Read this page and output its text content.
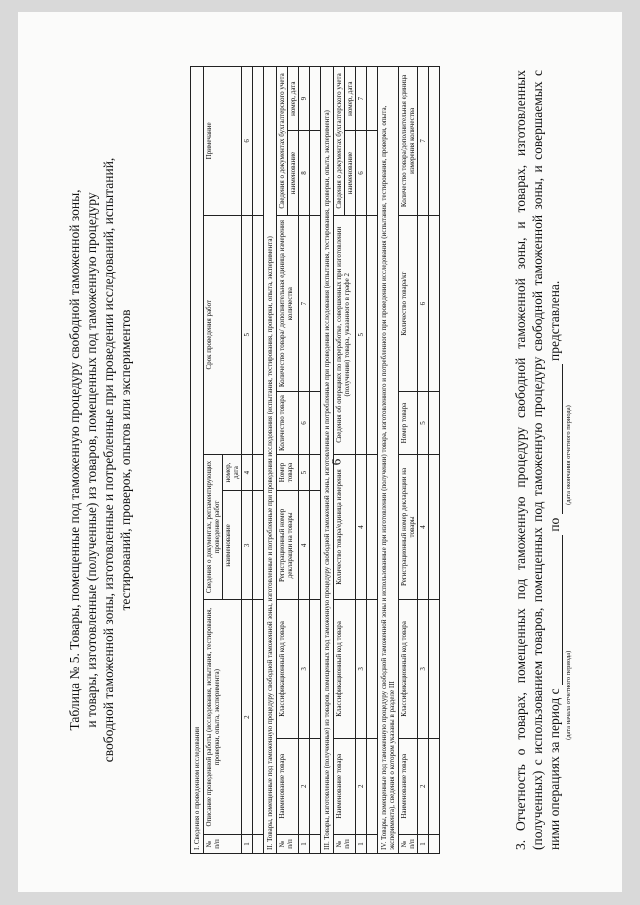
Таблица № 5. Товары, помещенные под таможенную процедуру свободной таможенной зоны, и товары, изготовленные (полученные) из товаров, помещенных под таможенную процедуру свободной таможенной зоны, изготовленные и потребленные при проведении исследований, испытаний, тестирований, проверок, опытов или экспериментов
I. Сведения о проведенном исследовании								
№ п/п	Описание проведенной работы (исследования, испытания, тестирования, проверки, опыта, эксперимента)		Сведения о документах, регламентирующих проведение работ		Срок проведения работ		Примечание	
			наименование	номер, дата				
1	2		3	4	5		6	

II. Товары, помещенные под таможенную процедуру свободной таможенной зоны, изготовленные и потребленные при проведении исследования (испытания, тестирования, проверки, опыта, эксперимента)								
№ п/п	Наименование товара	Классификационный код товара	Регистрационный номер декларации на товары	Номер товара	Количество товара	Количество товара/ дополнительная единица измерения количества	Сведения о документах бухгалтерского учета	
							наименование	номер, дата
1	2	3	4	5	6	7	8	9

III. Товары, изготовленные (полученные) из товаров, помещенных под таможенную процедуру свободной таможенной зоны, изготовленные и потребленные при проведении исследования (испытания, тестирования, проверки, опыта, эксперимента)								
№ п/п	Наименование товара	Классификационный код товара	Количество товара/единица измерения		Сведения об операциях по переработке, совершенных при изготовлении (получении) товара, указанного в графе 2		Сведения о документах бухгалтерского учета	
							наименование	номер, дата
1	2	3	4		5		6	7

IV. Товары, помещенные под таможенную процедуру свободной таможенной зоны и использованные при изготовлении (получении) товара, изготовленного и потребленного при проведении исследования (испытания, тестирования, проверки, опыта, эксперимента), сведения о котором указаны в разделе III								
№ п/п	Наименование товара	Классификационный код товара	Регистрационный номер декларации на товары		Номер товара	Количество товара/кг	Количество товара/дополнительная единица измерения количества	
1	2	3	4		5	6	7	
							3. Отчетность о товарах, помещенных под таможенную процедуру свободной таможенной зоны, и товарах, изготовленных (полученных) с использованием товаров, помещенных под таможенную процедуру свободной таможенной зоны, и совершаемых с ними операциях за период с  по  представлена.
(дата начала отчетного периода)
(дата окончания отчетного периода)
9
